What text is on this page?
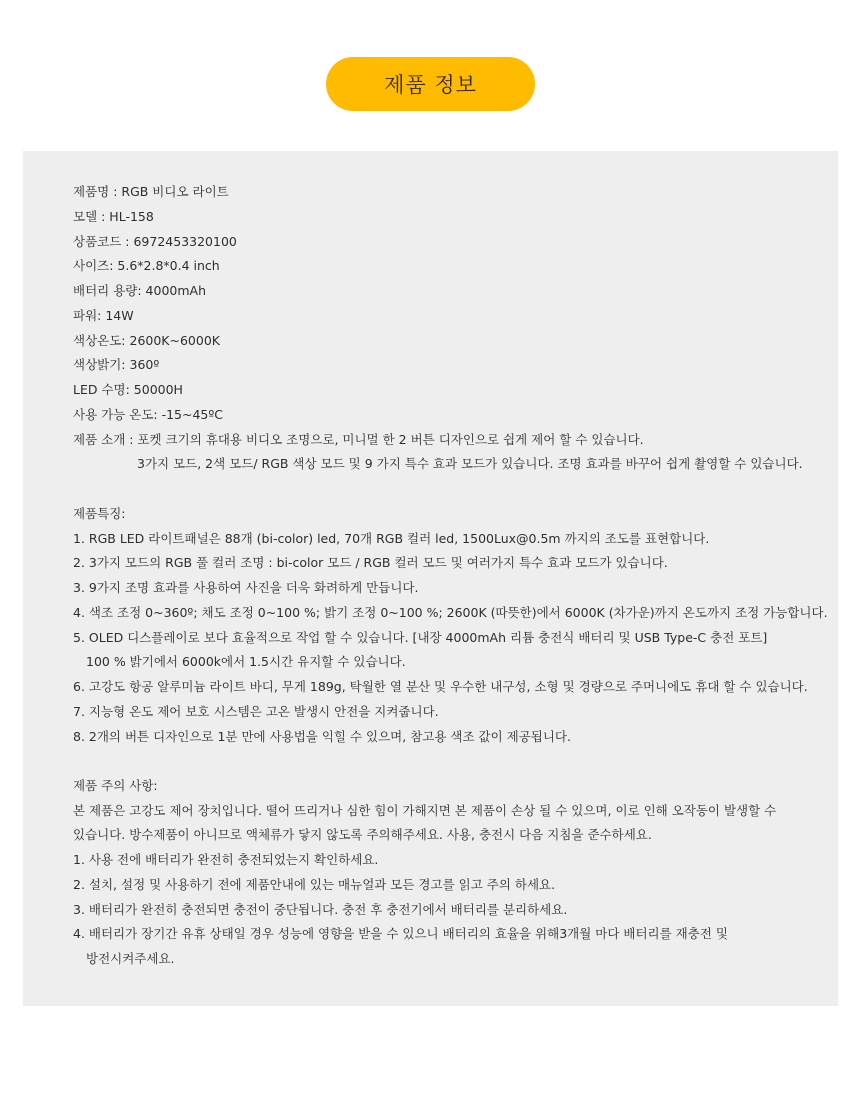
제품 정보
제품명 : RGB 비디오 라이트
모델 : HL-158
상품코드 : 6972453320100
사이즈: 5.6*2.8*0.4 inch
배터리 용량: 4000mAh
파워: 14W
색상온도: 2600K~6000K
색상밝기: 360º
LED 수명: 50000H
사용 가능 온도: -15~45ºC
제품 소개 : 포켓 크기의 휴대용 비디오 조명으로, 미니멀 한 2 버튼 디자인으로 쉽게 제어 할 수 있습니다.
3가지 모드, 2색 모드/ RGB 색상 모드 및 9 가지 특수 효과 모드가 있습니다. 조명 효과를 바꾸어 쉽게 촬영할 수 있습니다.
제품특징:
1. RGB LED 라이트패널은 88개 (bi-color) led, 70개 RGB 컬러 led, 1500Lux@0.5m 까지의 조도를 표현합니다.
2. 3가지 모드의 RGB 풀 컬러 조명 : bi-color 모드 / RGB 컬러 모드 및 여러가지 특수 효과 모드가 있습니다.
3. 9가지 조명 효과를 사용하여 사진을 더욱 화려하게 만듭니다.
4. 색조 조정 0~360º; 채도 조정 0~100 %; 밝기 조정 0~100 %; 2600K (따뜻한)에서 6000K (차가운)까지 온도까지 조정 가능합니다.
5. OLED 디스플레이로 보다 효율적으로 작업 할 수 있습니다. [내장 4000mAh 리튬 충전식 배터리 및 USB Type-C 충전 포트]
100 % 밝기에서 6000k에서 1.5시간 유지할 수 있습니다.
6. 고강도 항공 알루미늄 라이트 바디, 무게 189g, 탁월한 열 분산 및 우수한 내구성, 소형 및 경량으로 주머니에도 휴대 할 수 있습니다.
7. 지능형 온도 제어 보호 시스템은 고온 발생시 안전을 지켜줍니다.
8. 2개의 버튼 디자인으로 1분 만에 사용법을 익힐 수 있으며, 참고용 색조 값이 제공됩니다.
제품 주의 사항:
본 제품은 고강도 제어 장치입니다. 떨어 뜨리거나 심한 힘이 가해지면 본 제품이 손상 될 수 있으며, 이로 인해 오작동이 발생할 수
있습니다. 방수제품이 아니므로 액체류가 닿지 않도록 주의해주세요. 사용, 충전시 다음 지침을 준수하세요.
1. 사용 전에 배터리가 완전히 충전되었는지 확인하세요.
2. 설치, 설정 및 사용하기 전에 제품안내에 있는 매뉴얼과 모든 경고를 읽고 주의 하세요.
3. 배터리가 완전히 충전되면 충전이 중단됩니다. 충전 후 충전기에서 배터리를 분리하세요.
4. 배터리가 장기간 유휴 상태일 경우 성능에 영향을 받을 수 있으니 배터리의 효율을 위해3개월 마다 배터리를 재충전 및
방전시켜주세요.
